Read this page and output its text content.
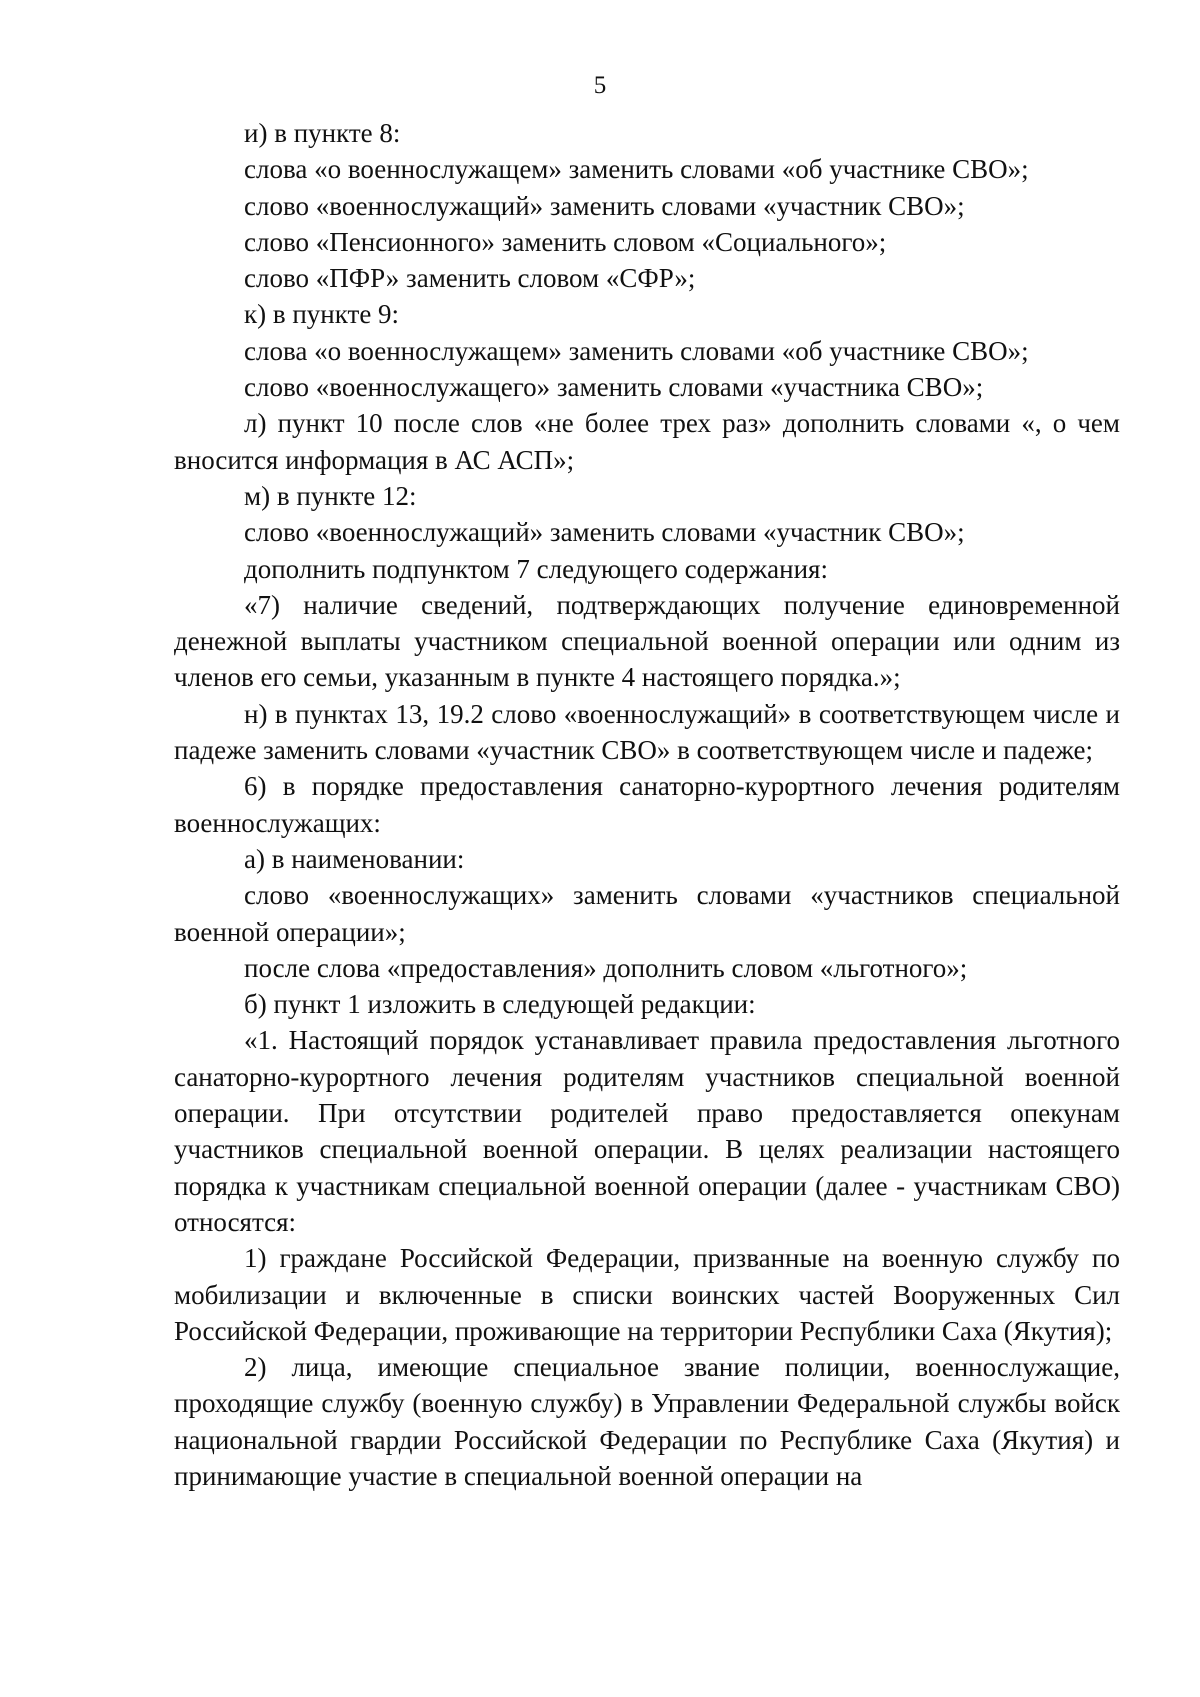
5

и) в пункте 8:

слова «о военнослужащем» заменить словами «об участнике СВО»;

слово «военнослужащий» заменить словами «участник СВО»;

слово «Пенсионного» заменить словом «Социального»;

слово «ПФР» заменить словом «СФР»;

к) в пункте 9:

слова «о военнослужащем» заменить словами «об участнике СВО»;

слово «военнослужащего» заменить словами «участника СВО»;

л) пункт 10 после слов «не более трех раз» дополнить словами «, о чем вносится информация в АС АСП»;

м) в пункте 12:

слово «военнослужащий» заменить словами «участник СВО»;

дополнить подпунктом 7 следующего содержания:

«7) наличие сведений, подтверждающих получение единовременной денежной выплаты участником специальной военной операции или одним из членов его семьи, указанным в пункте 4 настоящего порядка.»;

н) в пунктах 13, 19.2 слово «военнослужащий» в соответствующем числе и падеже заменить словами «участник СВО» в соответствующем числе и падеже;

6) в порядке предоставления санаторно-курортного лечения родителям военнослужащих:

а) в наименовании:

слово «военнослужащих» заменить словами «участников специальной военной операции»;

после слова «предоставления» дополнить словом «льготного»;

б) пункт 1 изложить в следующей редакции:

«1. Настоящий порядок устанавливает правила предоставления льготного санаторно-курортного лечения родителям участников специальной военной операции. При отсутствии родителей право предоставляется опекунам участников специальной военной операции. В целях реализации настоящего порядка к участникам специальной военной операции (далее - участникам СВО) относятся:

1) граждане Российской Федерации, призванные на военную службу по мобилизации и включенные в списки воинских частей Вооруженных Сил Российской Федерации, проживающие на территории Республики Саха (Якутия);

2) лица, имеющие специальное звание полиции, военнослужащие, проходящие службу (военную службу) в Управлении Федеральной службы войск национальной гвардии Российской Федерации по Республике Саха (Якутия) и принимающие участие в специальной военной операции на
